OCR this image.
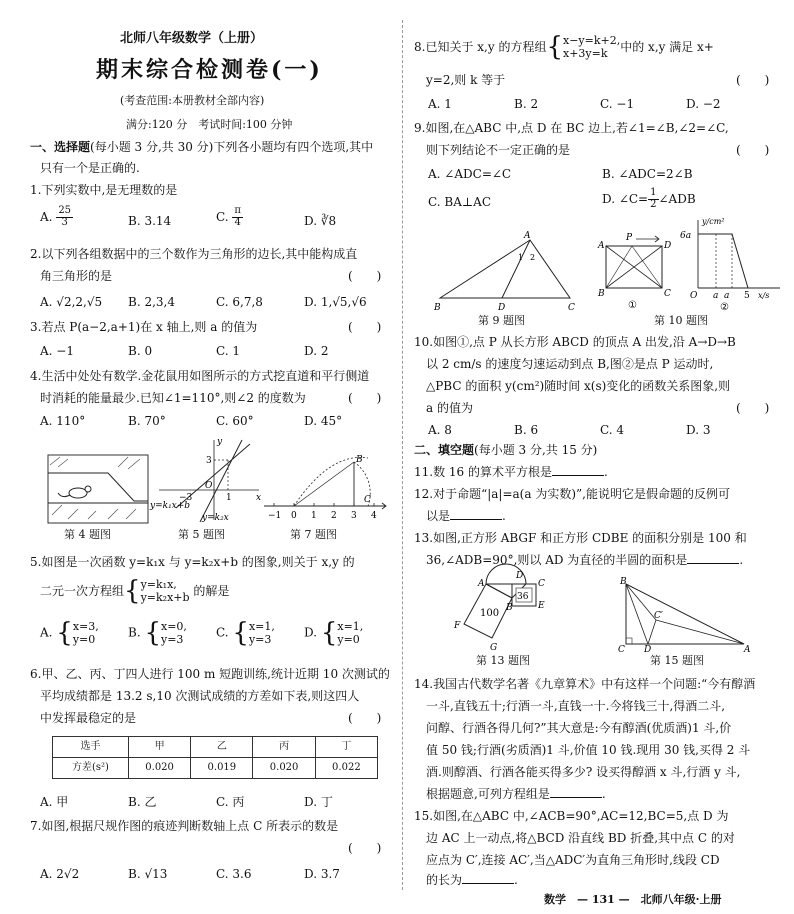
北师八年级数学（上册）
期末综合检测卷(一)
(考查范围:本册教材全部内容)
满分:120 分　考试时间:100 分钟
一、选择题(每小题 3 分,共 30 分)下列各小题均有四个选项,其中
只有一个是正确的.
1.下列实数中,是无理数的是
A. $\frac{25}{3}$	B. 3.14	C. $\frac{\pi}{4}$	D. ∛8
2.以下列各组数据中的三个数作为三角形的边长,其中能构成直
角三角形的是	(　　)
A. √2,2,√5	B. 2,3,4	C. 6,7,8	D. 1,√5,√6
3.若点 P(a−2,a+1)在 x 轴上,则 a 的值为	(　　)
A. −1	B. 0	C. 1	D. 2
4.生活中处处有数学.金花鼠用如图所示的方式挖直道和平行侧道
时消耗的能量最少.已知∠1=110°,则∠2 的度数为	(　　)
A. 110°	B. 70°	C. 60°	D. 45°
第 4 题图
y
x
3
−3	1
O
y=k₁x+b
y=k₂x
第 5 题图
B
C
−1 0 1 2 3 4
第 7 题图
5.如图是一次函数 y=k₁x 与 y=k₂x+b 的图象,则关于 x,y 的
二元一次方程组{y=k₁x,
y=k₂x+b 的解是
A. {x=3,
y=0	B. {x=0,
y=3	C. {x=1,
y=3	D. {x=1,
y=0
6.甲、乙、丙、丁四人进行 100 m 短跑训练,统计近期 10 次测试的
平均成绩都是 13.2 s,10 次测试成绩的方差如下表,则这四人
中发挥最稳定的是	(　　)
选手	甲	乙	丙	丁
方差(s²)	0.020	0.019	0.020	0.022
A. 甲	B. 乙	C. 丙	D. 丁
7.如图,根据尺规作图的痕迹判断数轴上点 C 所表示的数是
(　　)
A. 2√2	B. √13	C. 3.6	D. 3.7
8.已知关于 x,y 的方程组{x−y=k+2,
x+3y=k 中的 x,y 满足 x+
y=2,则 k 等于	(　　)
A. 1	B. 2	C. −1	D. −2
9.如图,在△ABC 中,点 D 在 BC 边上,若∠1=∠B,∠2=∠C,
则下列结论不一定正确的是	(　　)
A. ∠ADC=∠C	B. ∠ADC=2∠B
C. BA⊥AC	D. ∠C= $\frac{1}{2}$ ∠ADB
A
B	C
D
1 2
第 9 题图
A
B	C
D
P
①
y/cm²
6a
O a a 5 x/s
②
第 10 题图
10.如图①,点 P 从长方形 ABCD 的顶点 A 出发,沿 A→D→B
以 2 cm/s 的速度匀速运动到点 B,图②是点 P 运动时,
△PBC 的面积 y(cm²)随时间 x(s)变化的函数关系图象,则
a 的值为	(　　)
A. 8	B. 6	C. 4	D. 3
二、填空题(每小题 3 分,共 15 分)
11.数 16 的算术平方根是	.
12.对于命题“|a|=a(a 为实数)”,能说明它是假命题的反例可
以是	.
13.如图,正方形 ABGF 和正方形 CDBE 的面积分别是 100 和
36,∠ADB=90°,则以 AD 为直径的半圆的面积是	.
A
D
C
E
B
F
G
100
36
第 13 题图
B
C D	A
C′
第 15 题图
14.我国古代数学名著《九章算术》中有这样一个问题:“今有醇酒
一斗,直钱五十;行酒一斗,直钱一十.今将钱三十,得酒二斗,
问醇、行酒各得几何?”其大意是:今有醇酒(优质酒)1 斗,价
值 50 钱;行酒(劣质酒)1 斗,价值 10 钱.现用 30 钱,买得 2 斗
酒.则醇酒、行酒各能买得多少? 设买得醇酒 x 斗,行酒 y 斗,
根据题意,可列方程组是	.
15.如图,在△ABC 中,∠ACB=90°,AC=12,BC=5,点 D 为
边 AC 上一动点,将△BCD 沿直线 BD 折叠,其中点 C 的对
应点为 C′,连接 AC′,当△ADC′为直角三角形时,线段 CD
的长为	.
数学　 — 131 —　 北师八年级·上册
